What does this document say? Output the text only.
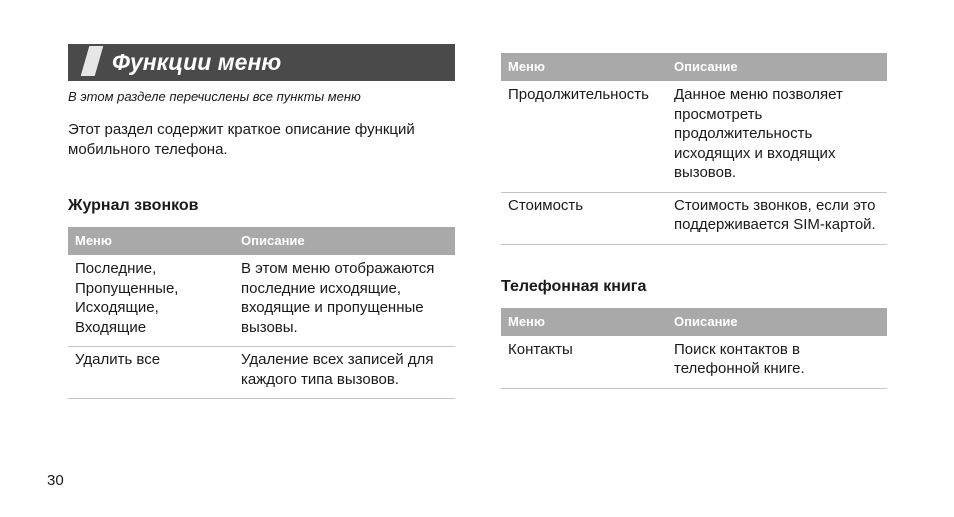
Функции меню
В этом разделе перечислены все пункты меню
Этот раздел содержит краткое описание функций мобильного телефона.
Журнал звонков
Меню	Описание
Последние, Пропущенные, Исходящие, Входящие	В этом меню отображаются последние исходящие, входящие и пропущенные вызовы.
Удалить все	Удаление всех записей для каждого типа вызовов.
Меню	Описание
Продолжительность	Данное меню позволяет просмотреть продолжительность исходящих и входящих вызовов.
Стоимость	Стоимость звонков, если это поддерживается SIM-картой.
Телефонная книга
Меню	Описание
Контакты	Поиск контактов в телефонной книге.
30
